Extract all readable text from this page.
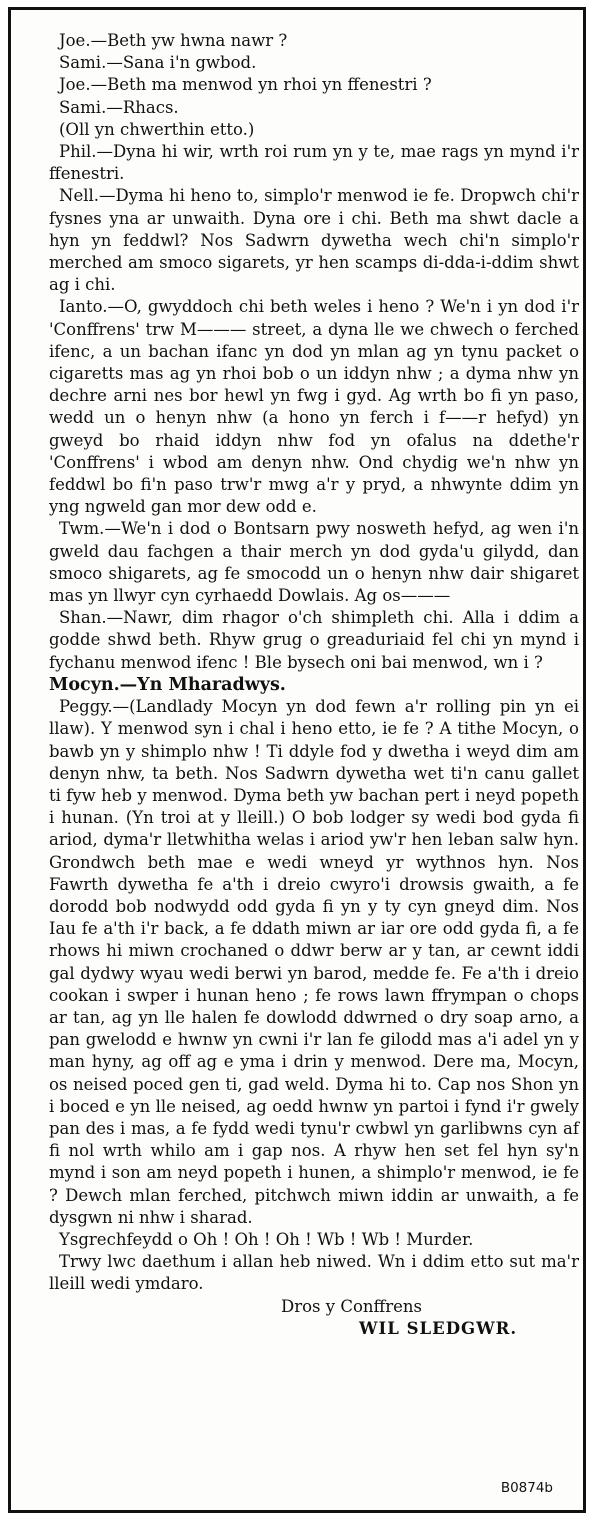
Joe.—Beth yw hwna nawr ?

Sami.—Sana i'n gwbod.

Joe.—Beth ma menwod yn rhoi yn ffenestri ?

Sami.—Rhacs.

(Oll yn chwerthin etto.)

Phil.—Dyna hi wir, wrth roi rum yn y te, mae rags yn mynd i'r ffenestri.

Nell.—Dyma hi heno to, simplo'r menwod ie fe. Dropwch chi'r fysnes yna ar unwaith. Dyna ore i chi. Beth ma shwt dacle a hyn yn feddwl? Nos Sadwrn dywetha wech chi'n simplo'r merched am smoco sigarets, yr hen scamps di-dda-i-ddim shwt ag i chi.

Ianto.—O, gwyddoch chi beth weles i heno ? We'n i yn dod i'r 'Conffrens' trw M——— street, a dyna lle we chwech o ferched ifenc, a un bachan ifanc yn dod yn mlan ag yn tynu packet o cigaretts mas ag yn rhoi bob o un iddyn nhw ; a dyma nhw yn dechre arni nes bor hewl yn fwg i gyd. Ag wrth bo fi yn paso, wedd un o henyn nhw (a hono yn ferch i f——r hefyd) yn gweyd bo rhaid iddyn nhw fod yn ofalus na ddethe'r 'Conffrens' i wbod am denyn nhw. Ond chydig we'n nhw yn feddwl bo fi'n paso trw'r mwg a'r y pryd, a nhwynte ddim yn yng ngweld gan mor dew odd e.

Twm.—We'n i dod o Bontsarn pwy nosweth hefyd, ag wen i'n gweld dau fachgen a thair merch yn dod gyda'u gilydd, dan smoco shigarets, ag fe smocodd un o henyn nhw dair shigaret mas yn llwyr cyn cyrhaedd Dowlais. Ag os———

Shan.—Nawr, dim rhagor o'ch shimpleth chi. Alla i ddim a godde shwd beth. Rhyw grug o greaduriaid fel chi yn mynd i fychanu menwod ifenc ! Ble bysech oni bai menwod, wn i ?

Mocyn.—Yn Mharadwys.

Peggy.—(Landlady Mocyn yn dod fewn a'r rolling pin yn ei llaw). Y menwod syn i chal i heno etto, ie fe ? A tithe Mocyn, o bawb yn y shimplo nhw ! Ti ddyle fod y dwetha i weyd dim am denyn nhw, ta beth. Nos Sadwrn dywetha wet ti'n canu gallet ti fyw heb y menwod. Dyma beth yw bachan pert i neyd popeth i hunan. (Yn troi at y lleill.) O bob lodger sy wedi bod gyda fi ariod, dyma'r lletwhitha welas i ariod yw'r hen leban salw hyn. Grondwch beth mae e wedi wneyd yr wythnos hyn. Nos Fawrth dywetha fe a'th i dreio cwyro'i drowsis gwaith, a fe dorodd bob nodwydd odd gyda fi yn y ty cyn gneyd dim. Nos Iau fe a'th i'r back, a fe ddath miwn ar iar ore odd gyda fi, a fe rhows hi miwn crochaned o ddwr berw ar y tan, ar cewnt iddi gal dydwy wyau wedi berwi yn barod, medde fe. Fe a'th i dreio cookan i swper i hunan heno ; fe rows lawn ffrympan o chops ar tan, ag yn lle halen fe dowlodd ddwrned o dry soap arno, a pan gwelodd e hwnw yn cwni i'r lan fe gilodd mas a'i adel yn y man hyny, ag off ag e yma i drin y menwod. Dere ma, Mocyn, os neised poced gen ti, gad weld. Dyma hi to. Cap nos Shon yn i boced e yn lle neised, ag oedd hwnw yn partoi i fynd i'r gwely pan des i mas, a fe fydd wedi tynu'r cwbwl yn garlibwns cyn af fi nol wrth whilo am i gap nos. A rhyw hen set fel hyn sy'n mynd i son am neyd popeth i hunen, a shimplo'r menwod, ie fe ? Dewch mlan ferched, pitchwch miwn iddin ar unwaith, a fe dysgwn ni nhw i sharad.

Ysgrechfeydd o Oh ! Oh ! Oh ! Wb ! Wb ! Murder.

Trwy lwc daethum i allan heb niwed. Wn i ddim etto sut ma'r lleill wedi ymdaro.

Dros y Conffrens

WIL SLEDGWR.

B0874b
